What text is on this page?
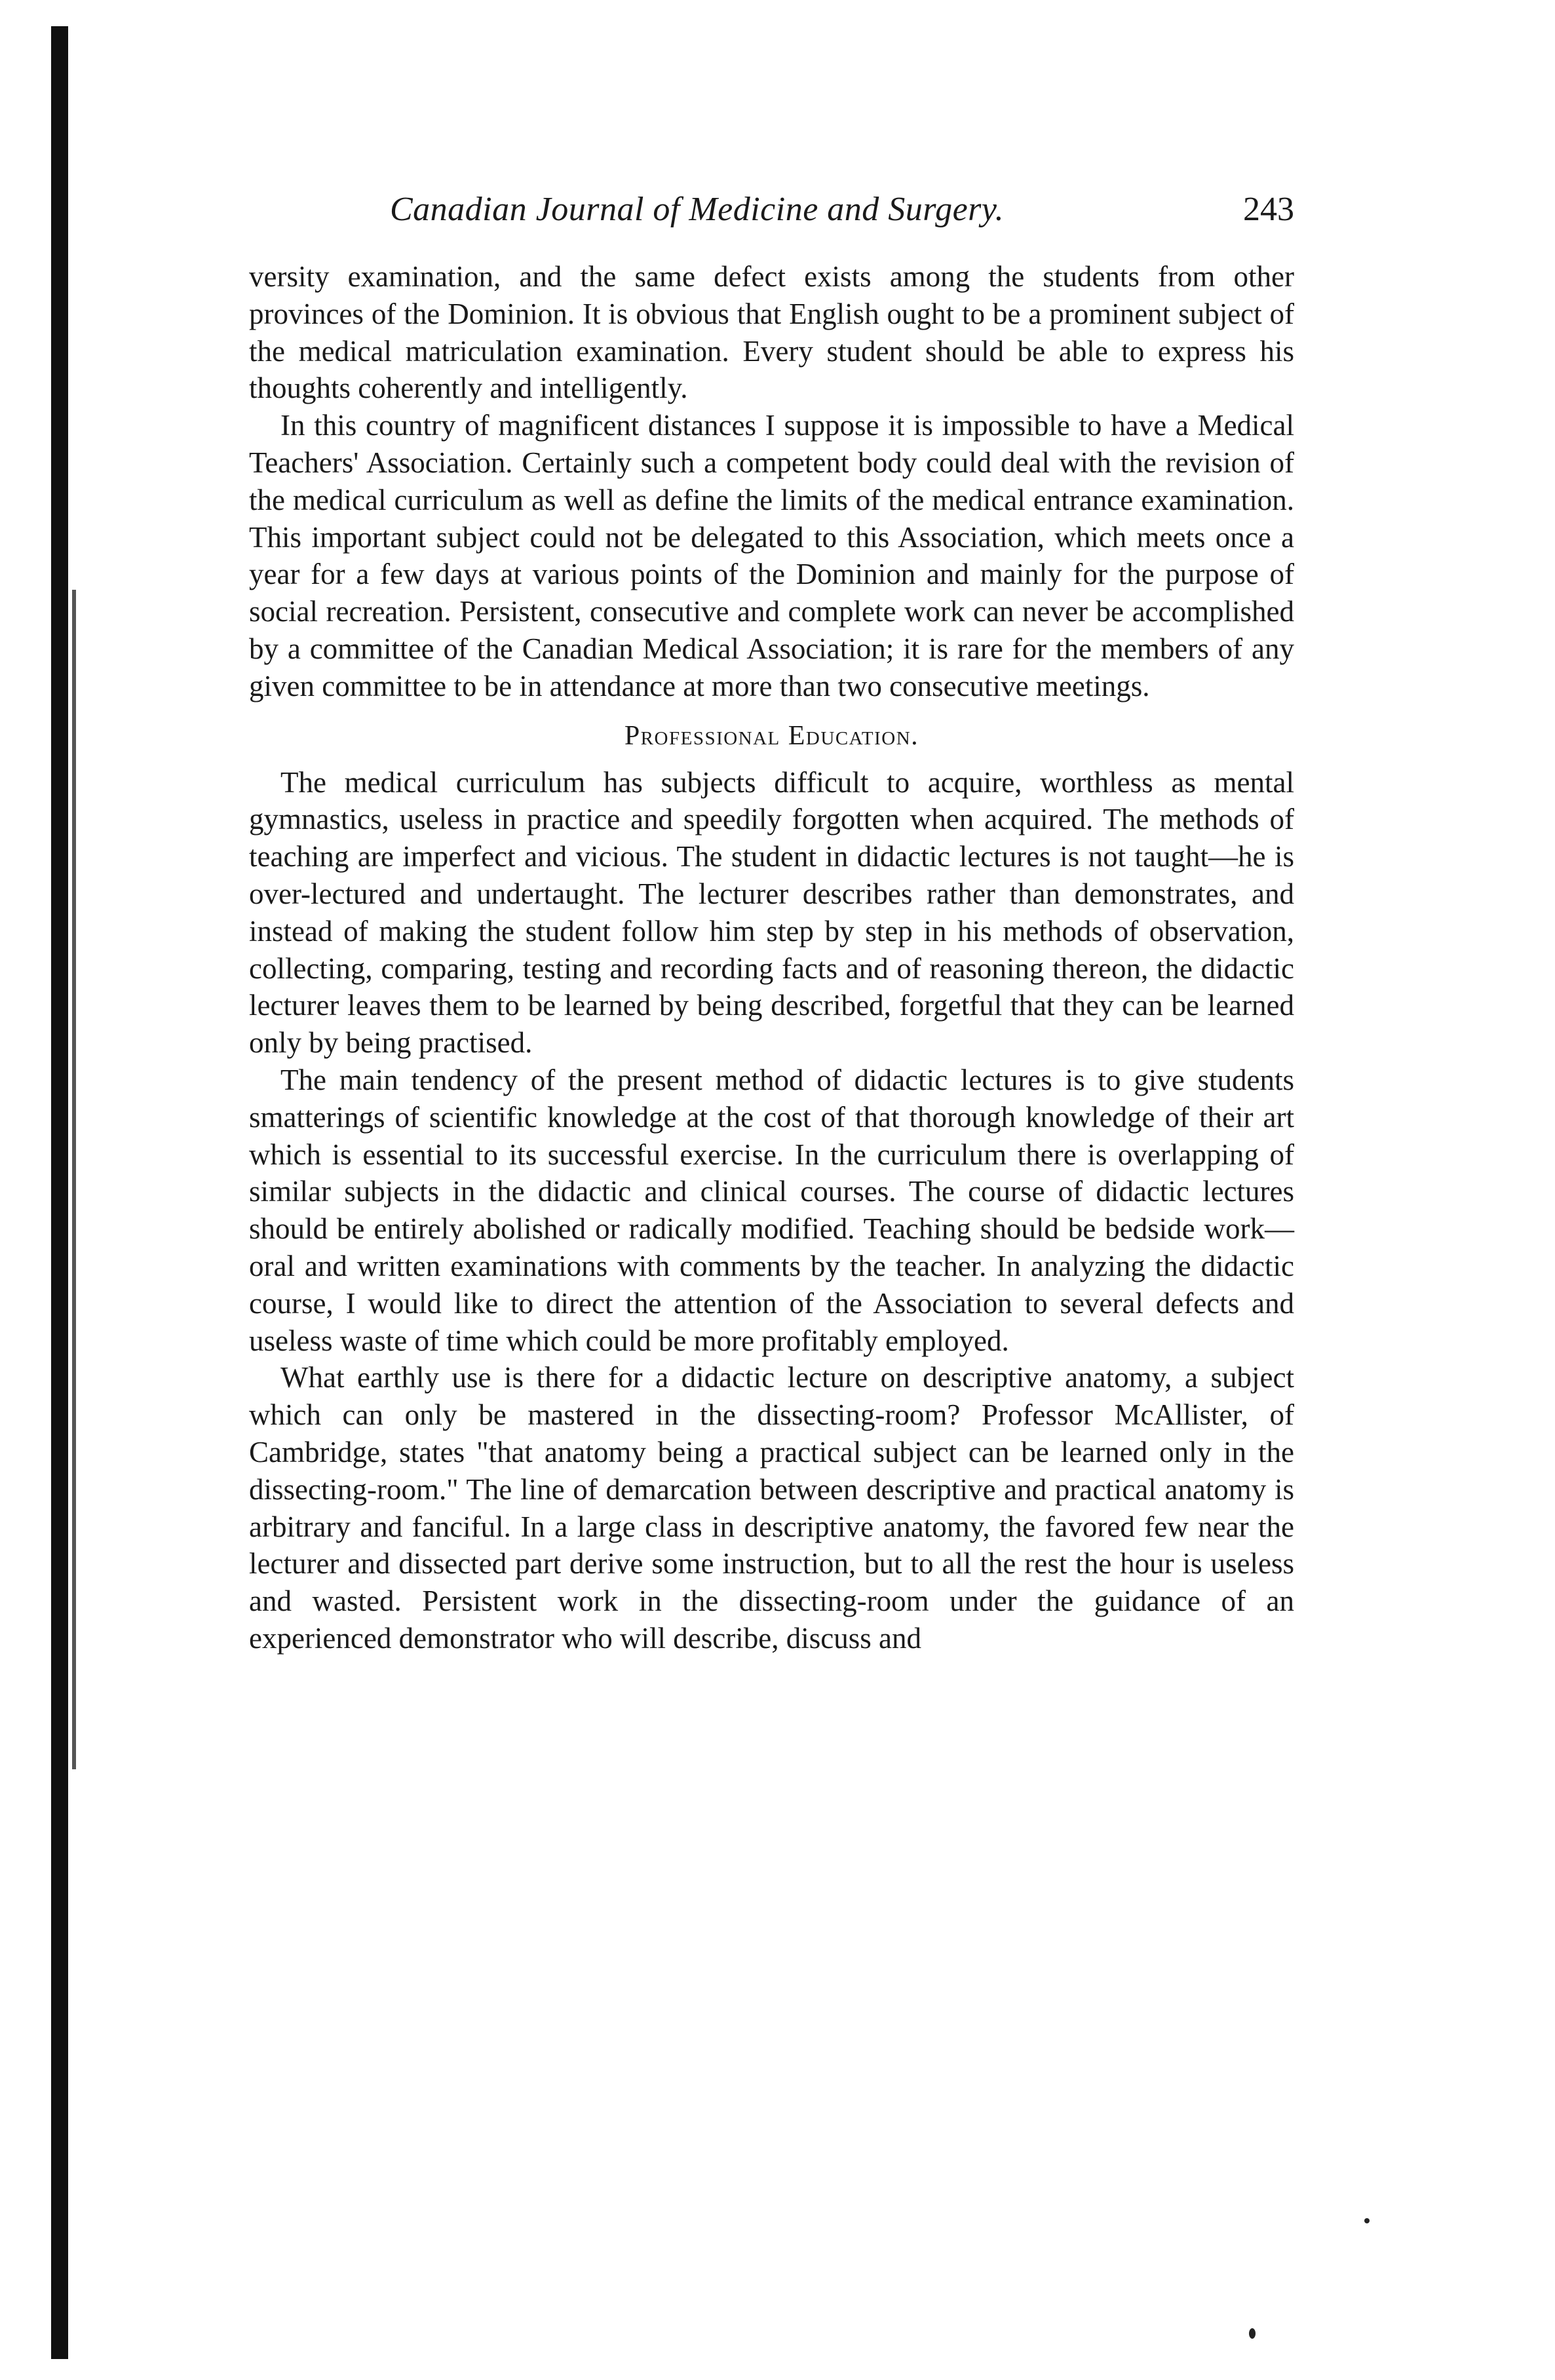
Canadian Journal of Medicine and Surgery.	243

versity examination, and the same defect exists among the students from other provinces of the Dominion. It is obvious that English ought to be a prominent subject of the medical matriculation examination. Every student should be able to express his thoughts coherently and intelligently.

In this country of magnificent distances I suppose it is impossible to have a Medical Teachers' Association. Certainly such a competent body could deal with the revision of the medical curriculum as well as define the limits of the medical entrance examination. This important subject could not be delegated to this Association, which meets once a year for a few days at various points of the Dominion and mainly for the purpose of social recreation. Persistent, consecutive and complete work can never be accomplished by a committee of the Canadian Medical Association; it is rare for the members of any given committee to be in attendance at more than two consecutive meetings.

Professional Education.

The medical curriculum has subjects difficult to acquire, worthless as mental gymnastics, useless in practice and speedily forgotten when acquired. The methods of teaching are imperfect and vicious. The student in didactic lectures is not taught—he is over-lectured and undertaught. The lecturer describes rather than demonstrates, and instead of making the student follow him step by step in his methods of observation, collecting, comparing, testing and recording facts and of reasoning thereon, the didactic lecturer leaves them to be learned by being described, forgetful that they can be learned only by being practised.

The main tendency of the present method of didactic lectures is to give students smatterings of scientific knowledge at the cost of that thorough knowledge of their art which is essential to its successful exercise. In the curriculum there is overlapping of similar subjects in the didactic and clinical courses. The course of didactic lectures should be entirely abolished or radically modified. Teaching should be bedside work—oral and written examinations with comments by the teacher. In analyzing the didactic course, I would like to direct the attention of the Association to several defects and useless waste of time which could be more profitably employed.

What earthly use is there for a didactic lecture on descriptive anatomy, a subject which can only be mastered in the dissecting-room? Professor McAllister, of Cambridge, states "that anatomy being a practical subject can be learned only in the dissecting-room." The line of demarcation between descriptive and practical anatomy is arbitrary and fanciful. In a large class in descriptive anatomy, the favored few near the lecturer and dissected part derive some instruction, but to all the rest the hour is useless and wasted. Persistent work in the dissecting-room under the guidance of an experienced demonstrator who will describe, discuss and
